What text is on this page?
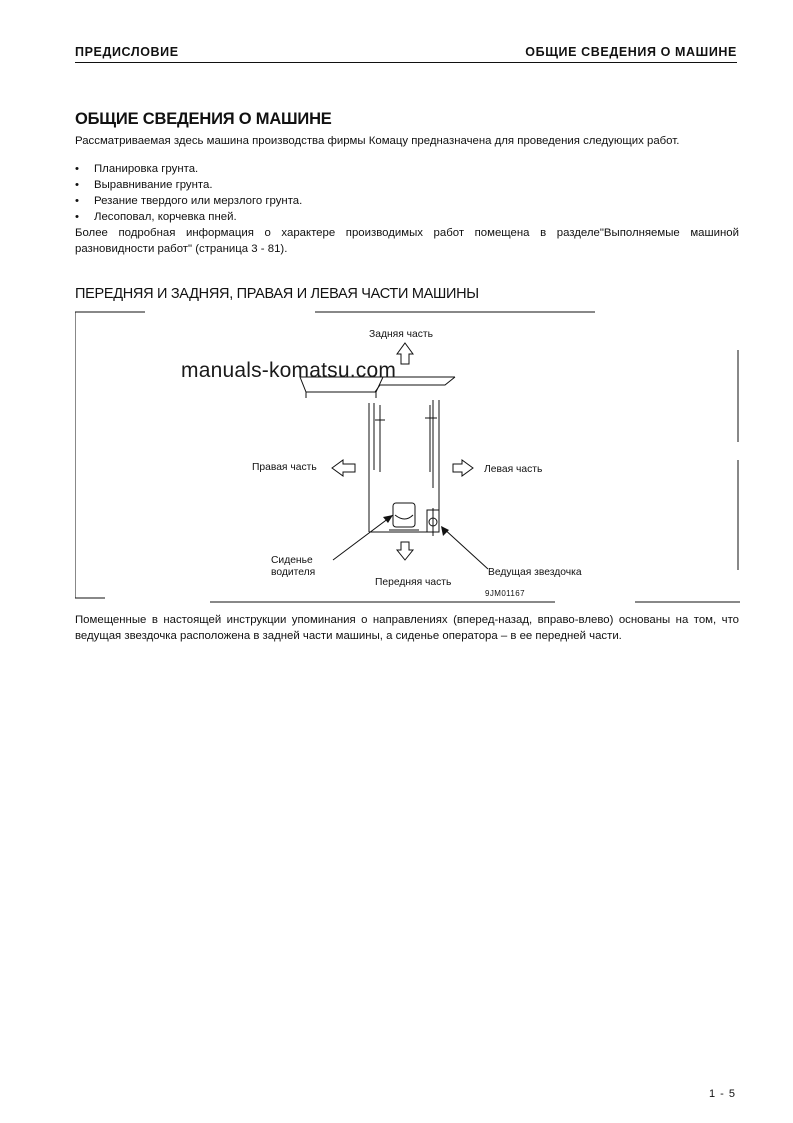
ПРЕДИСЛОВИЕ	ОБЩИЕ СВЕДЕНИЯ О МАШИНЕ
ОБЩИЕ СВЕДЕНИЯ О МАШИНЕ
Рассматриваемая здесь машина производства фирмы Комацу предназначена для проведения следующих работ.
• Планировка грунта.
• Выравнивание грунта.
• Резание твердого или мерзлого грунта.
• Лесоповал, корчевка пней.
Более подробная информация о характере производимых работ помещена в разделе"Выполняемые машиной разновидности работ" (страница 3 - 81).
ПЕРЕДНЯЯ И ЗАДНЯЯ, ПРАВАЯ И ЛЕВАЯ ЧАСТИ МАШИНЫ
manuals-komatsu.com
Задняя часть
Правая часть	Левая часть
Передняя часть
Сиденье
водителя	Ведущая звездочка
9JM01167
Помещенные в настоящей инструкции упоминания о направлениях (вперед-назад, вправо-влево) основаны на том, что ведущая звездочка расположена в задней части машины, а сиденье оператора – в ее передней части.
1 - 5
